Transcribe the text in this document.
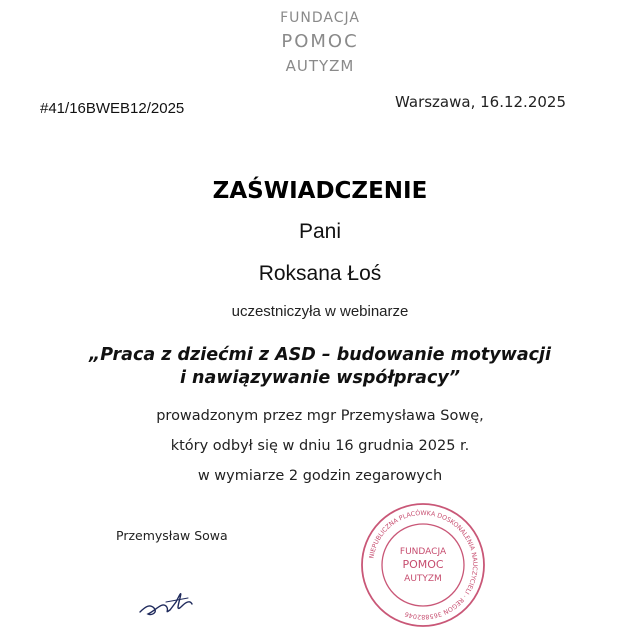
FUNDACJA
POMOC
AUTYZM
#41/16BWEB12/2025	Warszawa, 16.12.2025
ZAŚWIADCZENIE
Pani
Roksana Łoś
uczestniczyła w webinarze
„Praca z dziećmi z ASD – budowanie motywacji
i nawiązywanie współpracy”
prowadzonym przez mgr Przemysława Sowę,
który odbył się w dniu 16 grudnia 2025 r.
w wymiarze 2 godzin zegarowych
Przemysław Sowa
NIEPUBLICZNA PLACÓWKA DOSKONALENIA NAUCZYCIELI · REGON 365882046
FUNDACJA
POMOC
AUTYZM
